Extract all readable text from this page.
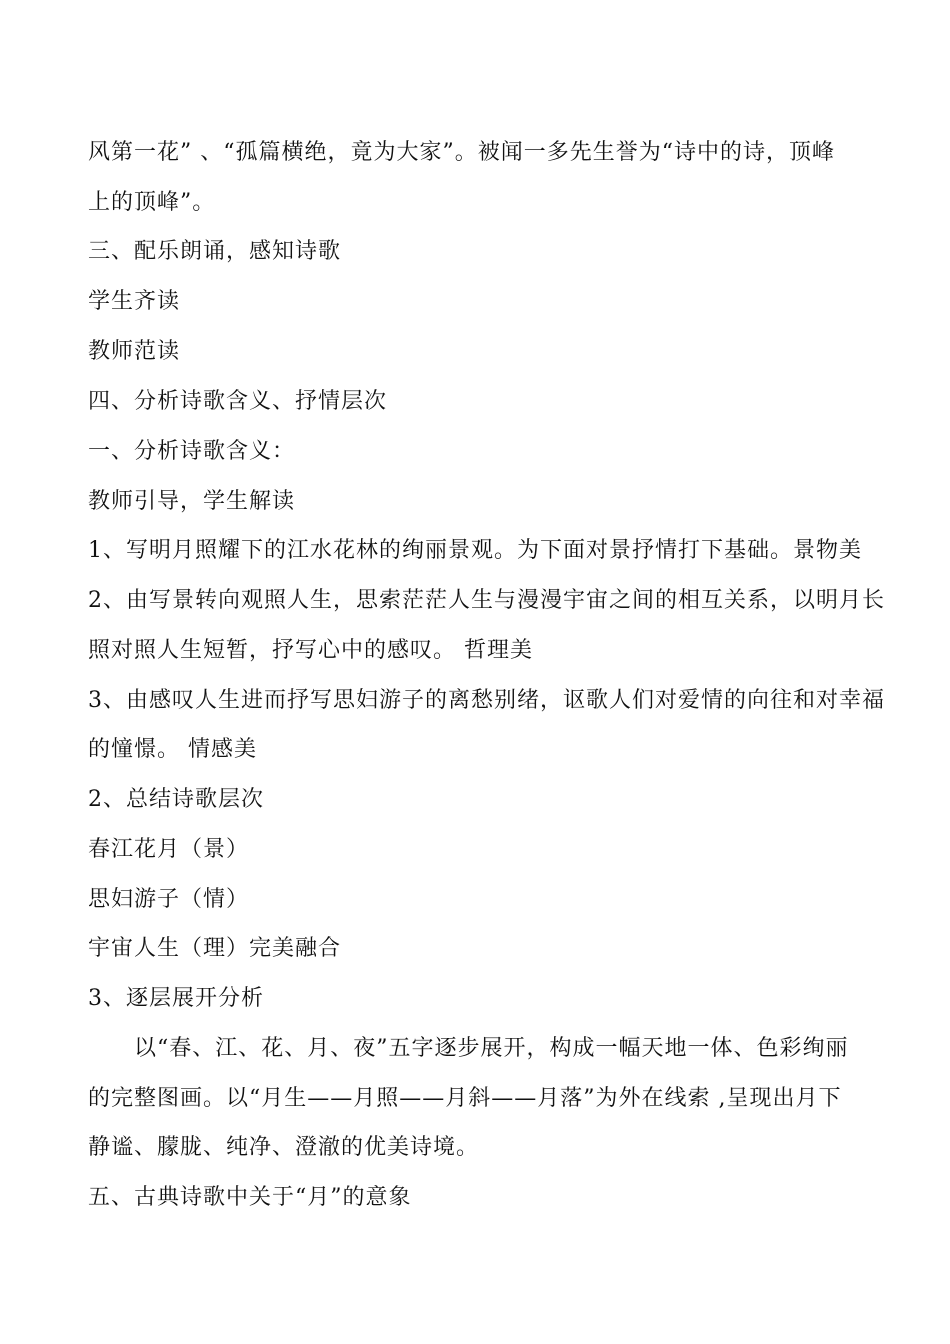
风第一花” 、“孤篇横绝，竟为大家”。被闻一多先生誉为“诗中的诗，顶峰
上的顶峰”。
三、配乐朗诵，感知诗歌
学生齐读
教师范读
四、分析诗歌含义、抒情层次
一、分析诗歌含义：
教师引导，学生解读
1、写明月照耀下的江水花林的绚丽景观。为下面对景抒情打下基础。景物美
2、由写景转向观照人生，思索茫茫人生与漫漫宇宙之间的相互关系，以明月长
照对照人生短暂，抒写心中的感叹。 哲理美
3、由感叹人生进而抒写思妇游子的离愁别绪，讴歌人们对爱情的向往和对幸福
的憧憬。 情感美
2、总结诗歌层次
春江花月（景）
思妇游子（情）
宇宙人生（理）完美融合
3、逐层展开分析
以“春、江、花、月、夜”五字逐步展开，构成一幅天地一体、色彩绚丽
的完整图画。以“月生——月照——月斜——月落”为外在线索 ,呈现出月下
静谧、朦胧、纯净、澄澈的优美诗境。
五、古典诗歌中关于“月”的意象
